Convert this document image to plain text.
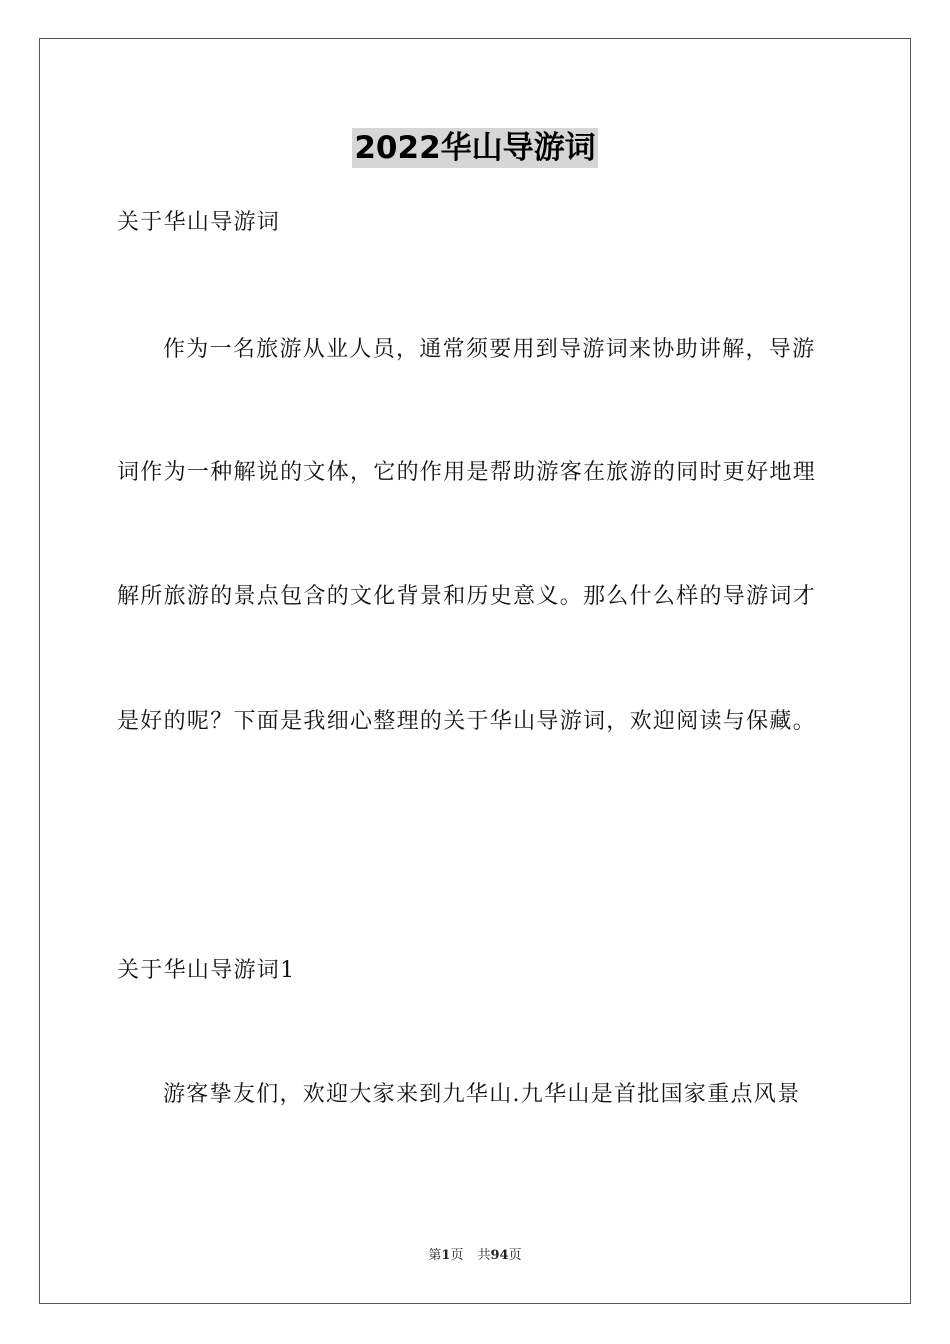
2022华山导游词
关于华山导游词
作为一名旅游从业人员，通常须要用到导游词来协助讲解，导游
词作为一种解说的文体，它的作用是帮助游客在旅游的同时更好地理
解所旅游的景点包含的文化背景和历史意义。那么什么样的导游词才
是好的呢？下面是我细心整理的关于华山导游词，欢迎阅读与保藏。
关于华山导游词1
游客挚友们，欢迎大家来到九华山.九华山是首批国家重点风景
第1页 共94页
